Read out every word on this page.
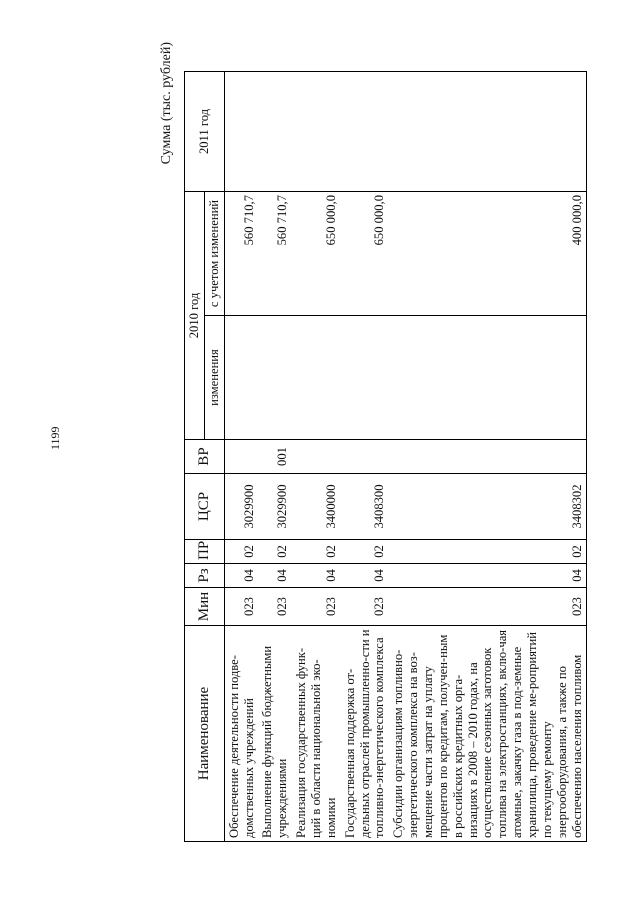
1199
Сумма (тыс. рублей)
Наименование	Мин	Рз	ПР	ЦСР	ВР	2010 год		2011 год
						изменения	с учетом изменений	
Обеспечение деятельности подве-домственных учреждений	023	04	02	3029900			560 710,7	
Выполнение функций бюджетными учреждениями	023	04	02	3029900	001		560 710,7	
Реализация государственных функ-ций в области национальной эко-номики	023	04	02	3400000			650 000,0	
Государственная поддержка от-дельных отраслей промышленно-сти и топливно-энергетического комплекса	023	04	02	3408300			650 000,0	
Субсидии организациям топливно-энергетического комплекса на воз-мещение части затрат на уплату процентов по кредитам, получен-ным в российских кредитных орга-низациях в 2008 – 2010 годах, на осуществление сезонных заготовок топлива на электростанциях, вклю-чая атомные, закачку газа в под-земные хранилища, проведение ме-роприятий по текущему ремонту энергооборудования, а также по обеспечению населения топливом	023	04	02	3408302			400 000,0	
